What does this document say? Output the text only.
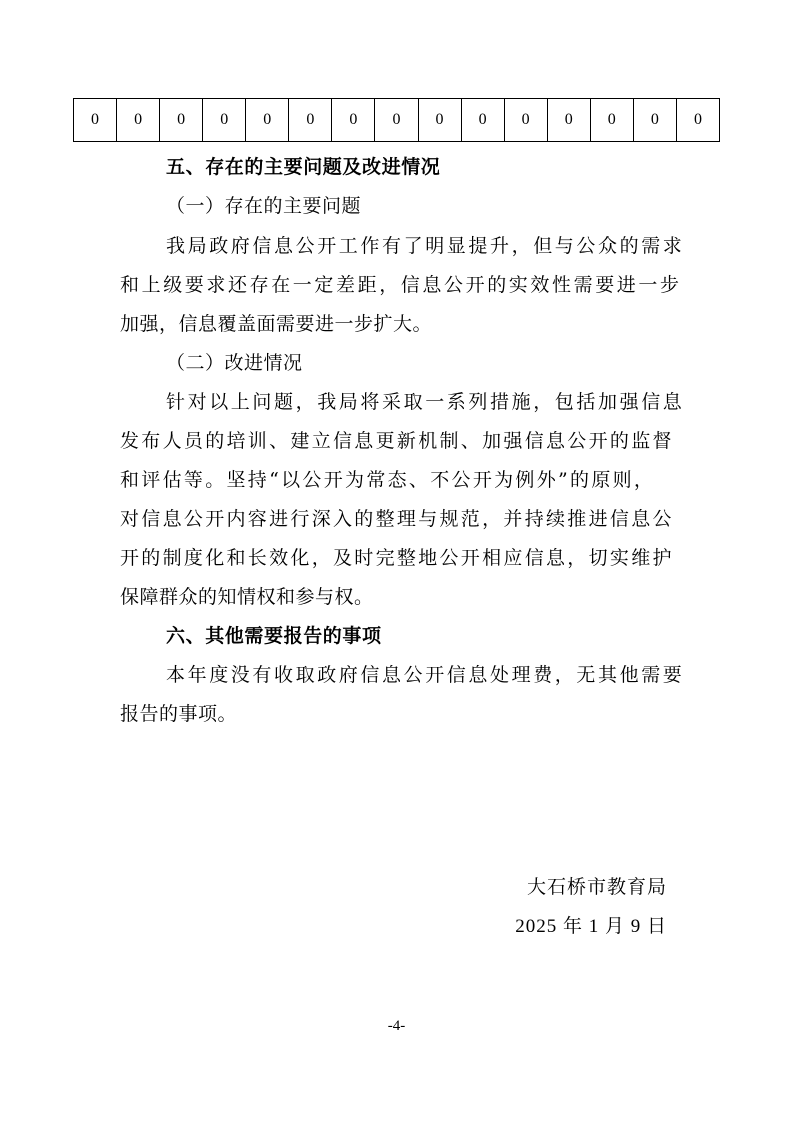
0	0	0	0	0	0	0	0	0	0	0	0	0	0	0
五、存在的主要问题及改进情况
（一）存在的主要问题
我局政府信息公开工作有了明显提升，但与公众的需求
和上级要求还存在一定差距，信息公开的实效性需要进一步
加强，信息覆盖面需要进一步扩大。
（二）改进情况
针对以上问题，我局将采取一系列措施，包括加强信息
发布人员的培训、建立信息更新机制、加强信息公开的监督
和评估等。坚持“以公开为常态、不公开为例外”的原则，
对信息公开内容进行深入的整理与规范，并持续推进信息公
开的制度化和长效化，及时完整地公开相应信息，切实维护
保障群众的知情权和参与权。
六、其他需要报告的事项
本年度没有收取政府信息公开信息处理费，无其他需要
报告的事项。
大石桥市教育局
2025 年 1 月 9 日
-4-
